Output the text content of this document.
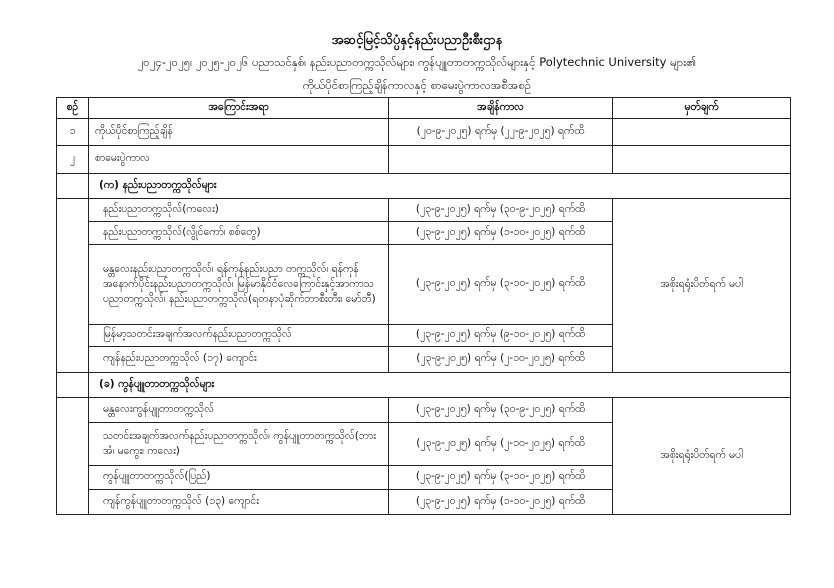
အဆင့်မြင့်သိပ္ပံနှင့်နည်းပညာဦးစီးဌာန
၂၀၂၄-၂၀၂၅၊ ၂၀၂၅-၂၀၂၆ ပညာသင်နှစ်၊ နည်းပညာတက္ကသိုလ်များ၊ ကွန်ပျူတာတက္ကသိုလ်များနှင့် Polytechnic University များ၏
ကိုယ်ပိုင်စာကြည့်ချိန်ကာလနှင့် စာမေးပွဲကာလအစီအစဉ်
စဉ်	အကြောင်းအရာ	အချိန်ကာလ	မှတ်ချက်
၁	ကိုယ်ပိုင်စာကြည့်ချိန်	(၂၀-၉-၂၀၂၅) ရက်မှ (၂၂-၉-၂၀၂၅) ရက်ထိ	
၂	စာမေးပွဲကာလ		
	(က) နည်းပညာတက္ကသိုလ်များ		
	နည်းပညာတက္ကသိုလ်(ကလေး)	(၂၃-၉-၂၀၂၅) ရက်မှ (၃၀-၉-၂၀၂၅) ရက်ထိ	အစိုးရရုံးပိတ်ရက် မပါ
	နည်းပညာတက္ကသိုလ်(လွိုင်ကော်၊ စစ်တွေ)	(၂၃-၉-၂၀၂၅) ရက်မှ (၁-၁၀-၂၀၂၅) ရက်ထိ	
	မန္တလေးနည်းပညာတက္ကသိုလ်၊ ရန်ကုန်နည်းပညာ တက္ကသိုလ်၊ ရန်ကုန်အနောက်ပိုင်းနည်းပညာတက္ကသိုလ်၊ မြန်မာနိုင်ငံလေကြောင်းနှင့်အာကာသပညာတက္ကသိုလ်၊ နည်းပညာတက္ကသိုလ်(ရတနာပုံဆိုက်ဘာစီးတီး၊ မော်ဘီ)	(၂၃-၉-၂၀၂၅) ရက်မှ (၃-၁၀-၂၀၂၅) ရက်ထိ	
	မြန်မာ့သတင်းအချက်အလက်နည်းပညာတက္ကသိုလ်	(၂၃-၉-၂၀၂၅) ရက်မှ (၉-၁၀-၂၀၂၅) ရက်ထိ	
	ကျန်နည်းပညာတက္ကသိုလ် (၁၇) ကျောင်း	(၂၃-၉-၂၀၂၅) ရက်မှ (၂-၁၀-၂၀၂၅) ရက်ထိ	
	(ခ) ကွန်ပျူတာတက္ကသိုလ်များ		
	မန္တလေးကွန်ပျူတာတက္ကသိုလ်	(၂၃-၉-၂၀၂၅) ရက်မှ (၃၀-၉-၂၀၂၅) ရက်ထိ	အစိုးရရုံးပိတ်ရက် မပါ
	သတင်းအချက်အလက်နည်းပညာတက္ကသိုလ်၊ ကွန်ပျူတာတက္ကသိုလ်(ဘားအံ၊ မကွေး၊ ကလေး)	(၂၃-၉-၂၀၂၅) ရက်မှ (၂-၁၀-၂၀၂၅) ရက်ထိ	
	ကွန်ပျူတာတက္ကသိုလ်(ပြည်)	(၂၃-၉-၂၀၂၅) ရက်မှ (၃-၁၀-၂၀၂၅) ရက်ထိ	
	ကျန်ကွန်ပျူတာတက္ကသိုလ် (၁၃) ကျောင်း	(၂၃-၉-၂၀၂၅) ရက်မှ (၁-၁၀-၂၀၂၅) ရက်ထိ	
